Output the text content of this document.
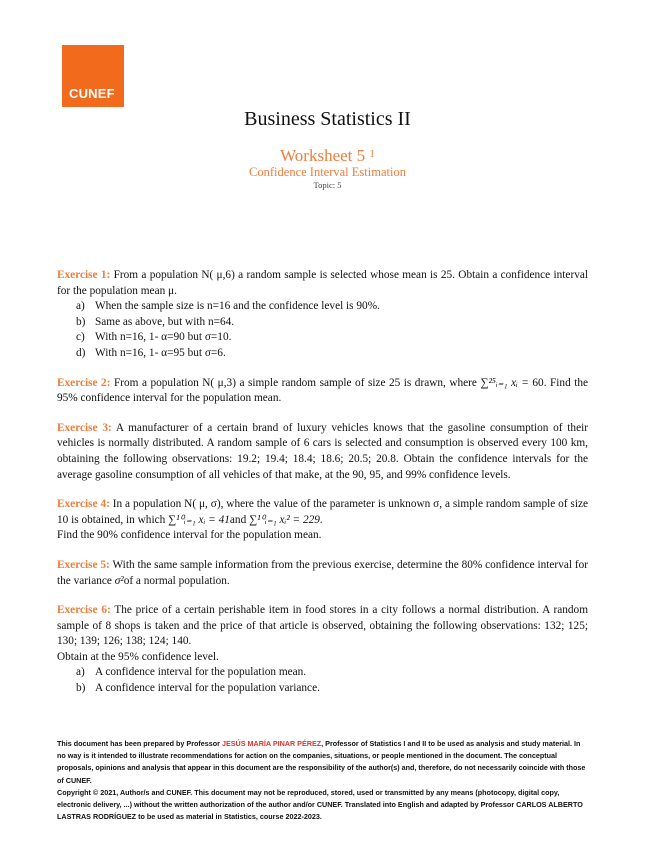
CUNEF
Business Statistics II
Worksheet 5 $^1$
Confidence Interval Estimation
Topic: 5
Exercise 1: From a population N( μ,6) a random sample is selected whose mean is 25. Obtain a confidence interval for the population mean μ.
a) When the sample size is n=16 and the confidence level is 90%.
b) Same as above, but with n=64.
c) With n=16, 1- α=90 but σ=10.
d) With n=16, 1- α=95 but σ=6.
Exercise 2: From a population N( μ,3) a simple random sample of size 25 is drawn, where ∑²⁵ᵢ₌₁ xᵢ = 60. Find the 95% confidence interval for the population mean.
Exercise 3: A manufacturer of a certain brand of luxury vehicles knows that the gasoline consumption of their vehicles is normally distributed. A random sample of 6 cars is selected and consumption is observed every 100 km, obtaining the following observations: 19.2; 19.4; 18.4; 18.6; 20.5; 20.8. Obtain the confidence intervals for the average gasoline consumption of all vehicles of that make, at the 90, 95, and 99% confidence levels.
Exercise 4: In a population N( μ, σ), where the value of the parameter is unknown σ, a simple random sample of size 10 is obtained, in which ∑¹⁰ᵢ₌₁ xᵢ = 41and ∑¹⁰ᵢ₌₁ xᵢ² = 229.
Find the 90% confidence interval for the population mean.
Exercise 5: With the same sample information from the previous exercise, determine the 80% confidence interval for the variance σ²of a normal population.
Exercise 6: The price of a certain perishable item in food stores in a city follows a normal distribution. A random sample of 8 shops is taken and the price of that article is observed, obtaining the following observations: 132; 125; 130; 139; 126; 138; 124; 140.
Obtain at the 95% confidence level.
a) A confidence interval for the population mean.
b) A confidence interval for the population variance.
This document has been prepared by Professor JESÚS MARÍA PINAR PÉREZ, Professor of Statistics I and II to be used as analysis and study material. In no way is it intended to illustrate recommendations for action on the companies, situations, or people mentioned in the document. The conceptual proposals, opinions and analysis that appear in this document are the responsibility of the author(s) and, therefore, do not necessarily coincide with those of CUNEF.
Copyright © 2021, Author/s and CUNEF. This document may not be reproduced, stored, used or transmitted by any means (photocopy, digital copy, electronic delivery, ...) without the written authorization of the author and/or CUNEF. Translated into English and adapted by Professor CARLOS ALBERTO LASTRAS RODRÍGUEZ to be used as material in Statistics, course 2022-2023.
